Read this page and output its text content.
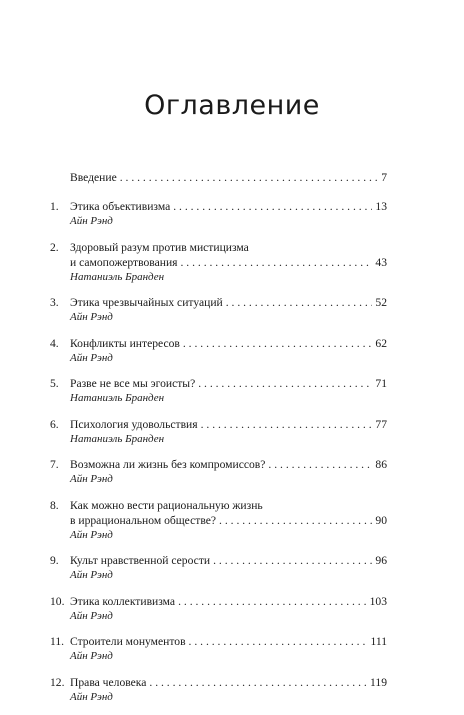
Оглавление
Введение . . .	7
1. Этика объективизма . . .	13
Айн Рэнд
2. Здоровый разум против мистицизма
и самопожертвования . . .	43
Натаниэль Бранден
3. Этика чрезвычайных ситуаций . . .	52
Айн Рэнд
4. Конфликты интересов . . .	62
Айн Рэнд
5. Разве не все мы эгоисты? . . .	71
Натаниэль Бранден
6. Психология удовольствия . . .	77
Натаниэль Бранден
7. Возможна ли жизнь без компромиссов? . . .	86
Айн Рэнд
8. Как можно вести рациональную жизнь
в иррациональном обществе? . . .	90
Айн Рэнд
9. Культ нравственной серости . . .	96
Айн Рэнд
10. Этика коллективизма . . .	103
Айн Рэнд
11. Строители монументов . . .	111
Айн Рэнд
12. Права человека . . .	119
Айн Рэнд
